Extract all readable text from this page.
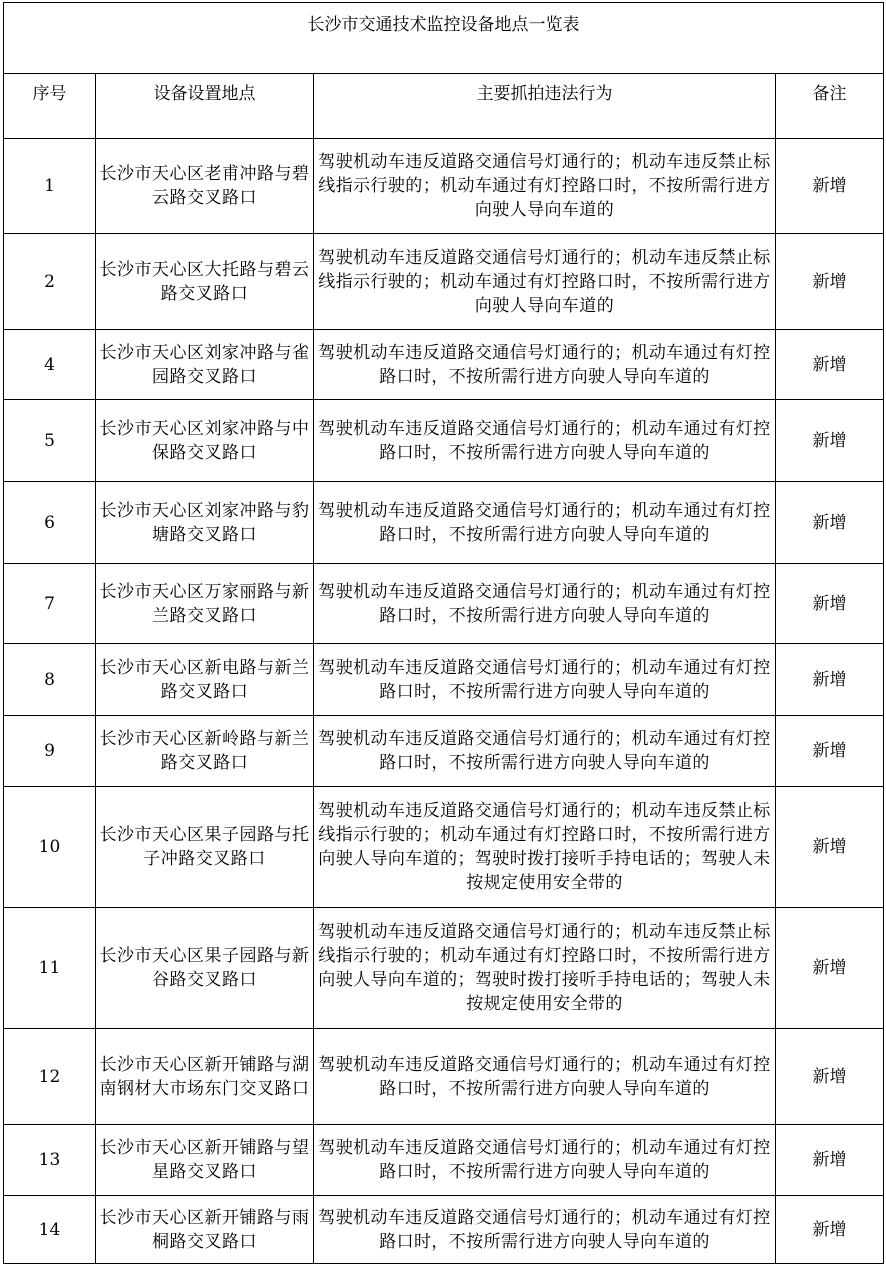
长沙市交通技术监控设备地点一览表			
序号	设备设置地点	主要抓拍违法行为	备注
1	长沙市天心区老甫冲路与碧云路交叉路口	驾驶机动车违反道路交通信号灯通行的；机动车违反禁止标线指示行驶的；机动车通过有灯控路口时，不按所需行进方向驶人导向车道的	新增
2	长沙市天心区大托路与碧云路交叉路口	驾驶机动车违反道路交通信号灯通行的；机动车违反禁止标线指示行驶的；机动车通过有灯控路口时，不按所需行进方向驶人导向车道的	新增
4	长沙市天心区刘家冲路与雀园路交叉路口	驾驶机动车违反道路交通信号灯通行的；机动车通过有灯控路口时，不按所需行进方向驶人导向车道的	新增
5	长沙市天心区刘家冲路与中保路交叉路口	驾驶机动车违反道路交通信号灯通行的；机动车通过有灯控路口时，不按所需行进方向驶人导向车道的	新增
6	长沙市天心区刘家冲路与豹塘路交叉路口	驾驶机动车违反道路交通信号灯通行的；机动车通过有灯控路口时，不按所需行进方向驶人导向车道的	新增
7	长沙市天心区万家丽路与新兰路交叉路口	驾驶机动车违反道路交通信号灯通行的；机动车通过有灯控路口时，不按所需行进方向驶人导向车道的	新增
8	长沙市天心区新电路与新兰路交叉路口	驾驶机动车违反道路交通信号灯通行的；机动车通过有灯控路口时，不按所需行进方向驶人导向车道的	新增
9	长沙市天心区新岭路与新兰路交叉路口	驾驶机动车违反道路交通信号灯通行的；机动车通过有灯控路口时，不按所需行进方向驶人导向车道的	新增
10	长沙市天心区果子园路与托子冲路交叉路口	驾驶机动车违反道路交通信号灯通行的；机动车违反禁止标线指示行驶的；机动车通过有灯控路口时，不按所需行进方向驶人导向车道的；驾驶时拨打接听手持电话的；驾驶人未按规定使用安全带的	新增
11	长沙市天心区果子园路与新谷路交叉路口	驾驶机动车违反道路交通信号灯通行的；机动车违反禁止标线指示行驶的；机动车通过有灯控路口时，不按所需行进方向驶人导向车道的；驾驶时拨打接听手持电话的；驾驶人未按规定使用安全带的	新增
12	长沙市天心区新开铺路与湖南钢材大市场东门交叉路口	驾驶机动车违反道路交通信号灯通行的；机动车通过有灯控路口时，不按所需行进方向驶人导向车道的	新增
13	长沙市天心区新开铺路与望星路交叉路口	驾驶机动车违反道路交通信号灯通行的；机动车通过有灯控路口时，不按所需行进方向驶人导向车道的	新增
14	长沙市天心区新开铺路与雨桐路交叉路口	驾驶机动车违反道路交通信号灯通行的；机动车通过有灯控路口时，不按所需行进方向驶人导向车道的	新增
